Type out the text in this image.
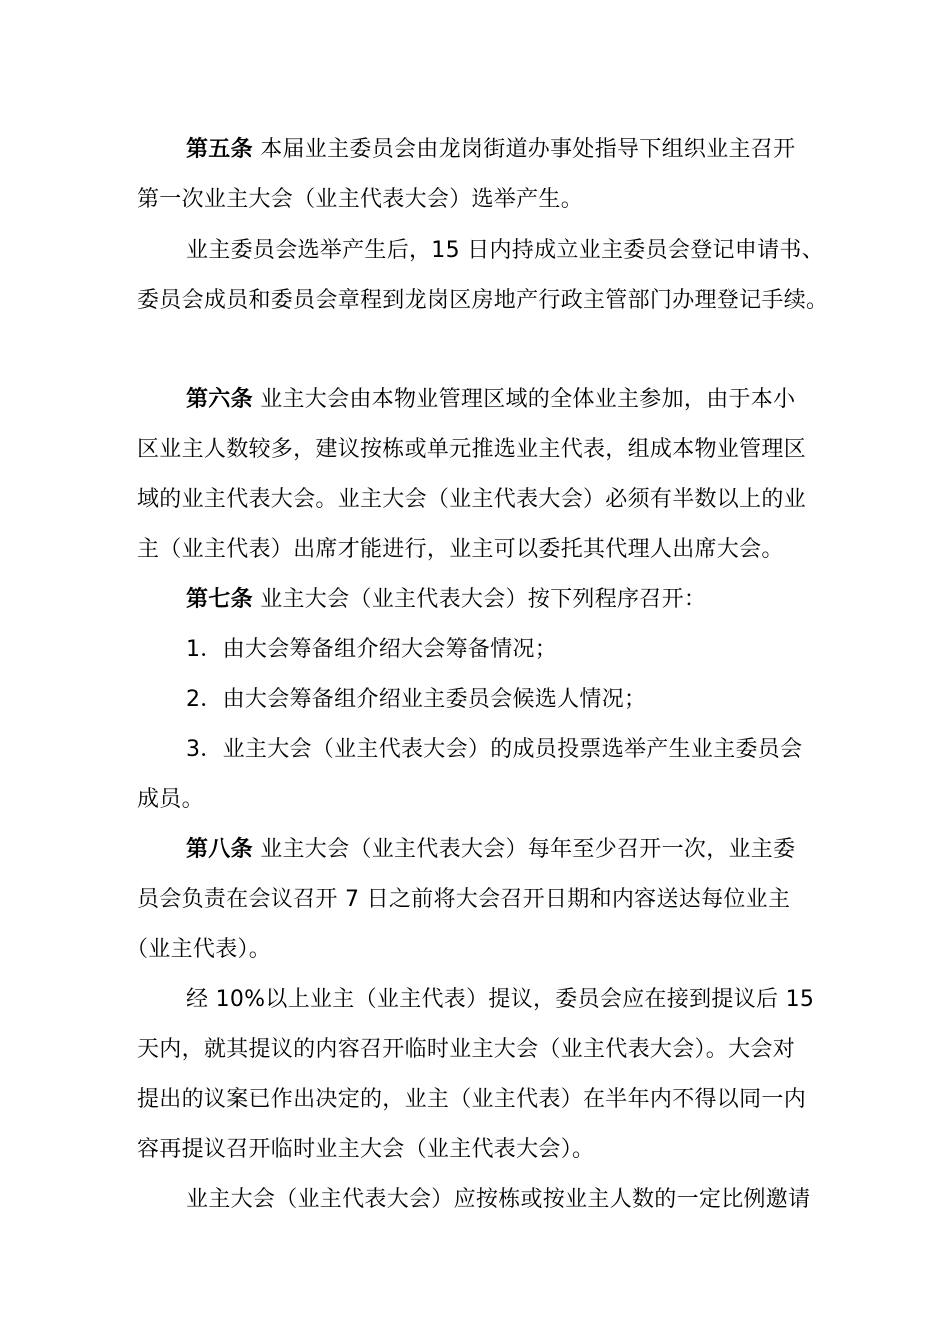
第五条 本届业主委员会由龙岗街道办事处指导下组织业主召开
第一次业主大会（业主代表大会）选举产生。
业主委员会选举产生后，15 日内持成立业主委员会登记申请书、
委员会成员和委员会章程到龙岗区房地产行政主管部门办理登记手续。
第六条 业主大会由本物业管理区域的全体业主参加，由于本小
区业主人数较多，建议按栋或单元推选业主代表，组成本物业管理区
域的业主代表大会。业主大会（业主代表大会）必须有半数以上的业
主（业主代表）出席才能进行，业主可以委托其代理人出席大会。
第七条 业主大会（业主代表大会）按下列程序召开：
1．由大会筹备组介绍大会筹备情况；
2．由大会筹备组介绍业主委员会候选人情况；
3．业主大会（业主代表大会）的成员投票选举产生业主委员会
成员。
第八条 业主大会（业主代表大会）每年至少召开一次，业主委
员会负责在会议召开 7 日之前将大会召开日期和内容送达每位业主
（业主代表）。
经 10%以上业主（业主代表）提议，委员会应在接到提议后 15
天内，就其提议的内容召开临时业主大会（业主代表大会）。大会对
提出的议案已作出决定的，业主（业主代表）在半年内不得以同一内
容再提议召开临时业主大会（业主代表大会）。
业主大会（业主代表大会）应按栋或按业主人数的一定比例邀请
